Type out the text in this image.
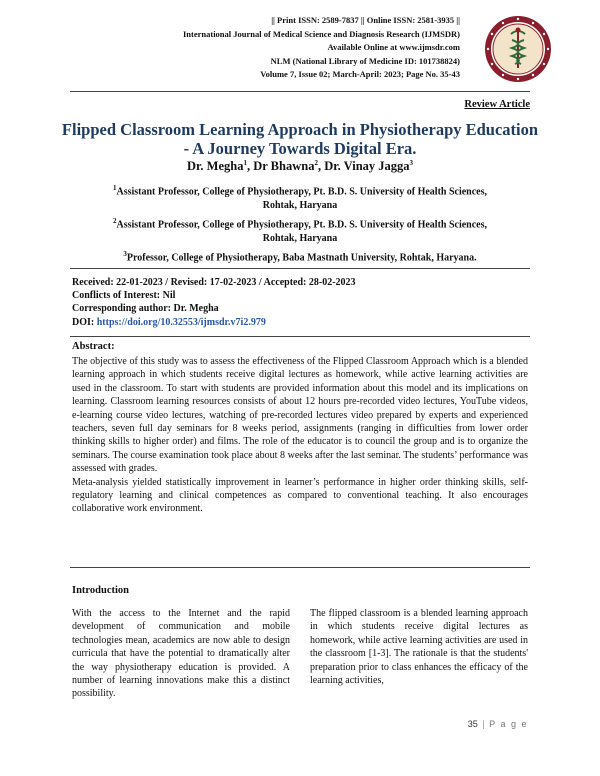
|| Print ISSN: 2589-7837 || Online ISSN: 2581-3935 ||
International Journal of Medical Science and Diagnosis Research (IJMSDR)
Available Online at www.ijmsdr.com
NLM (National Library of Medicine ID: 101738824)
Volume 7, Issue 02; March-April: 2023; Page No. 35-43
Review Article
Flipped Classroom Learning Approach in Physiotherapy Education
- A Journey Towards Digital Era.
Dr. Megha$^1$, Dr Bhawna$^2$, Dr. Vinay Jagga$^3$
$^1$Assistant Professor, College of Physiotherapy, Pt. B.D. S. University of Health Sciences,
Rohtak, Haryana
$^2$Assistant Professor, College of Physiotherapy, Pt. B.D. S. University of Health Sciences,
Rohtak, Haryana
$^3$Professor, College of Physiotherapy, Baba Mastnath University, Rohtak, Haryana.
Received: 22-01-2023 / Revised: 17-02-2023 / Accepted: 28-02-2023
Conflicts of Interest: Nil
Corresponding author: Dr. Megha
DOI: https://doi.org/10.32553/ijmsdr.v7i2.979
Abstract:

The objective of this study was to assess the effectiveness of the Flipped Classroom Approach which is a blended learning approach in which students receive digital lectures as homework, while active learning activities are used in the classroom. To start with students are provided information about this model and its implications on learning. Classroom learning resources consists of about 12 hours pre-recorded video lectures, YouTube videos, e-learning course video lectures, watching of pre-recorded lectures video prepared by experts and experienced teachers, seven full day seminars for 8 weeks period, assignments (ranging in difficulties from lower order thinking skills to higher order) and films. The role of the educator is to council the group and is to organize the seminars. The course examination took place about 8 weeks after the last seminar. The students’ performance was assessed with grades.

Meta-analysis yielded statistically improvement in learner’s performance in higher order thinking skills, self-regulatory learning and clinical competences as compared to conventional teaching. It also encourages collaborative work environment.

Introduction

With the access to the Internet and the rapid development of communication and mobile technologies mean, academics are now able to design curricula that have the potential to dramatically alter the way physiotherapy education is provided. A number of learning innovations make this a distinct possibility.

The flipped classroom is a blended learning approach in which students receive digital lectures as homework, while active learning activities are used in the classroom [1-3]. The rationale is that the students' preparation prior to class enhances the efficacy of the learning activities,

35 | P a g e
